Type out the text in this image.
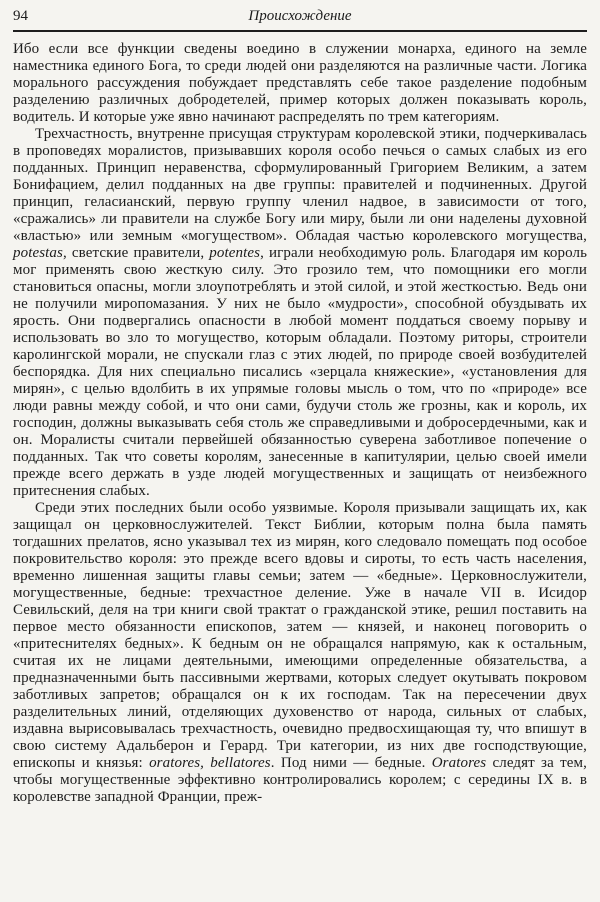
94	Происхождение

Ибо если все функции сведены воедино в служении монарха, единого на земле наместника единого Бога, то среди людей они разделяются на различные части. Логика морального рассуждения побуждает представлять себе такое разделение подобным разделению различных добродетелей, пример которых должен показывать король, водитель. И которые уже явно начинают распределять по трем категориям.

Трехчастность, внутренне присущая структурам королевской этики, подчеркивалась в проповедях моралистов, призывавших короля особо печься о самых слабых из его подданных. Принцип неравенства, сформулированный Григорием Великим, а затем Бонифацием, делил подданных на две группы: правителей и подчиненных. Другой принцип, геласианский, первую группу членил надвое, в зависимости от того, «сражались» ли правители на службе Богу или миру, были ли они наделены духовной «властью» или земным «могуществом». Обладая частью королевского могущества, potestas, светские правители, potentes, играли необходимую роль. Благодаря им король мог применять свою жесткую силу. Это грозило тем, что помощники его могли становиться опасны, могли злоупотреблять и этой силой, и этой жесткостью. Ведь они не получили миропомазания. У них не было «мудрости», способной обуздывать их ярость. Они подвергались опасности в любой момент поддаться своему порыву и использовать во зло то могущество, которым обладали. Поэтому риторы, строители каролингской морали, не спускали глаз с этих людей, по природе своей возбудителей беспорядка. Для них специально писались «зерцала княжеские», «установления для мирян», с целью вдолбить в их упрямые головы мысль о том, что по «природе» все люди равны между собой, и что они сами, будучи столь же грозны, как и король, их господин, должны выказывать себя столь же справедливыми и добросердечными, как и он. Моралисты считали первейшей обязанностью суверена заботливое попечение о подданных. Так что советы королям, занесенные в капитулярии, целью своей имели прежде всего держать в узде людей могущественных и защищать от неизбежного притеснения слабых.

Среди этих последних были особо уязвимые. Короля призывали защищать их, как защищал он церковнослужителей. Текст Библии, которым полна была память тогдашних прелатов, ясно указывал тех из мирян, кого следовало помещать под особое покровительство короля: это прежде всего вдовы и сироты, то есть часть населения, временно лишенная защиты главы семьи; затем — «бедные». Церковнослужители, могущественные, бедные: трехчастное деление. Уже в начале VII в. Исидор Севильский, деля на три книги свой трактат о гражданской этике, решил поставить на первое место обязанности епископов, затем — князей, и наконец поговорить о «притеснителях бедных». К бедным он не обращался напрямую, как к остальным, считая их не лицами деятельными, имеющими определенные обязательства, а предназначенными быть пассивными жертвами, которых следует окутывать покровом заботливых запретов; обращался он к их господам. Так на пересечении двух разделительных линий, отделяющих духовенство от народа, сильных от слабых, издавна вырисовывалась трехчастность, очевидно предвосхищающая ту, что впишут в свою систему Адальберон и Герард. Три категории, из них две господствующие, епископы и князья: oratores, bellatores. Под ними — бедные. Oratores следят за тем, чтобы могущественные эффективно контролировались королем; с середины IX в. в королевстве западной Франции, преж-
